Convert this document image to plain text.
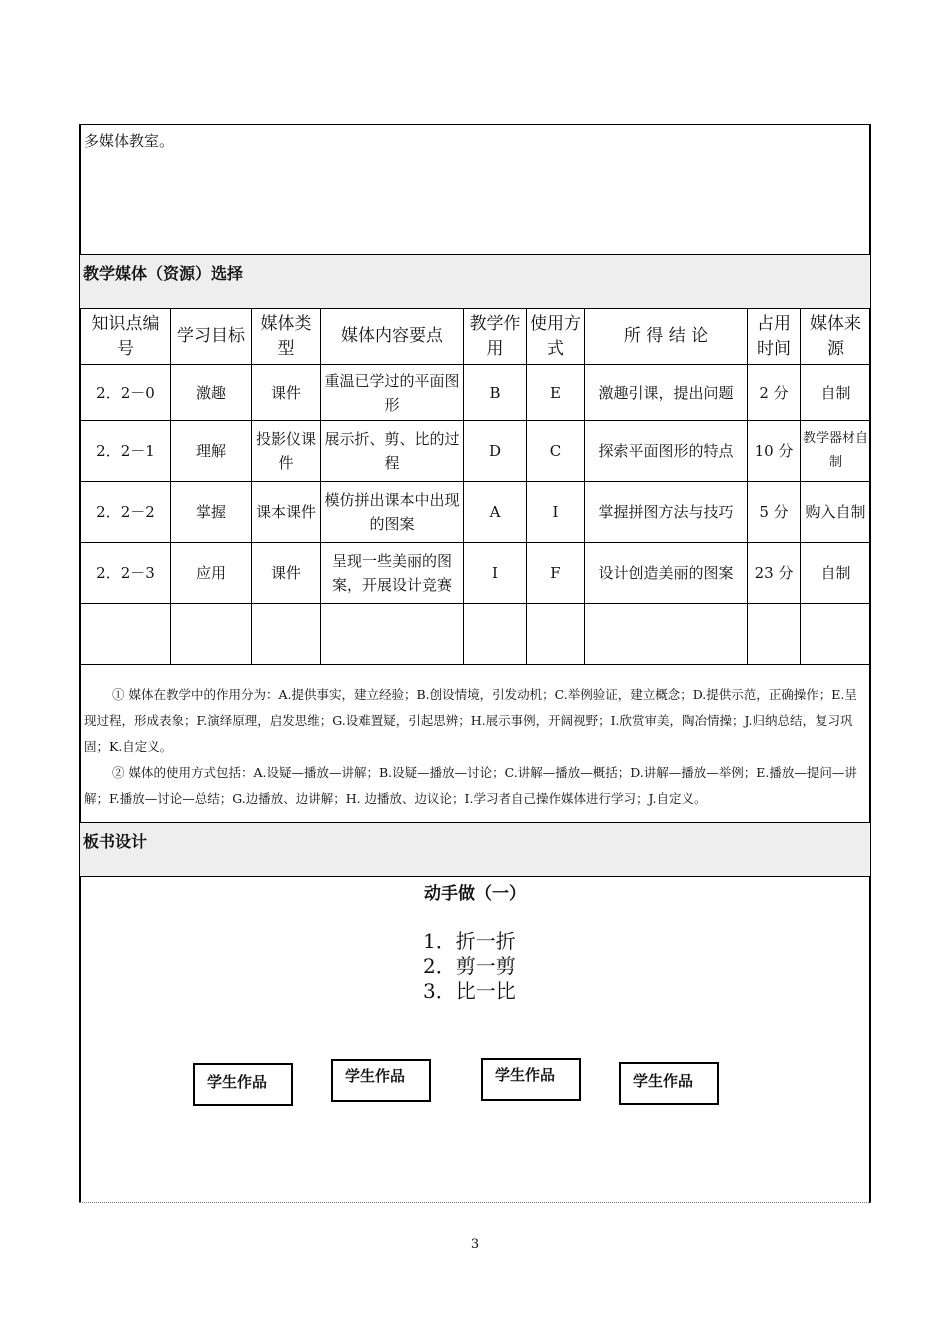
多媒体教室。
教学媒体（资源）选择
知识点编 号	学习目标	媒体类型	媒体内容要点	教学作用	使用方式	所 得 结 论	占用时间	媒体来源
2．2－0	激趣	课件	重温已学过的平面图形	B	E	激趣引课，提出问题	2 分	自制
2．2－1	理解	投影仪课件	展示折、剪、比的过程	D	C	探索平面图形的特点	10 分	教学器材自制
2．2－2	掌握	课本课件	模仿拼出课本中出现的图案	A	I	掌握拼图方法与技巧	5 分	购入自制
2．2－3	应用	课件	呈现一些美丽的图案，开展设计竞赛	I	F	设计创造美丽的图案	23 分	自制

① 媒体在教学中的作用分为：A.提供事实，建立经验；B.创设情境，引发动机；C.举例验证，建立概念；D.提供示范，正确操作；E.呈现过程，形成表象；F.演绎原理，启发思维；G.设难置疑，引起思辨；H.展示事例，开阔视野；I.欣赏审美，陶冶情操；J.归纳总结，复习巩固；K.自定义。

② 媒体的使用方式包括：A.设疑—播放—讲解；B.设疑—播放—讨论；C.讲解—播放—概括；D.讲解—播放—举例；E.播放—提问—讲解；F.播放—讨论—总结；G.边播放、边讲解；H. 边播放、边议论；I.学习者自己操作媒体进行学习；J.自定义。

板书设计
动手做（一）
1．折一折
2．剪一剪
3．比一比
学生作品	学生作品	学生作品	学生作品
3
